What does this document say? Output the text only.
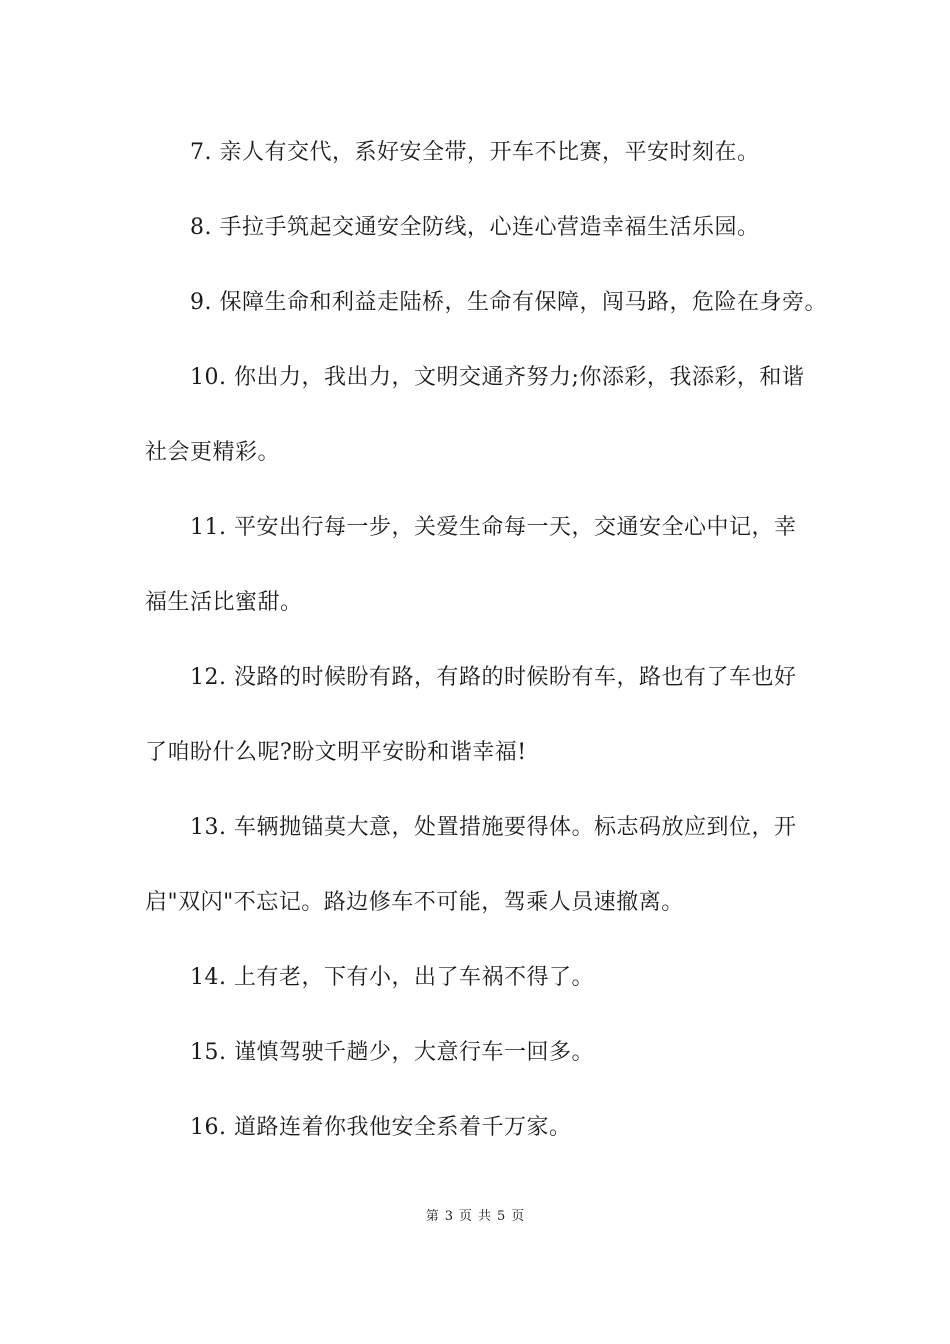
7. 亲人有交代，系好安全带，开车不比赛，平安时刻在。
8. 手拉手筑起交通安全防线，心连心营造幸福生活乐园。
9. 保障生命和利益走陆桥，生命有保障，闯马路，危险在身旁。
10. 你出力，我出力，文明交通齐努力;你添彩，我添彩，和谐
社会更精彩。
11. 平安出行每一步，关爱生命每一天，交通安全心中记，幸
福生活比蜜甜。
12. 没路的时候盼有路，有路的时候盼有车，路也有了车也好
了咱盼什么呢?盼文明平安盼和谐幸福!
13. 车辆抛锚莫大意，处置措施要得体。标志码放应到位，开
启"双闪"不忘记。路边修车不可能，驾乘人员速撤离。
14. 上有老，下有小，出了车祸不得了。
15. 谨慎驾驶千趟少，大意行车一回多。
16. 道路连着你我他安全系着千万家。
第 3 页 共 5 页
